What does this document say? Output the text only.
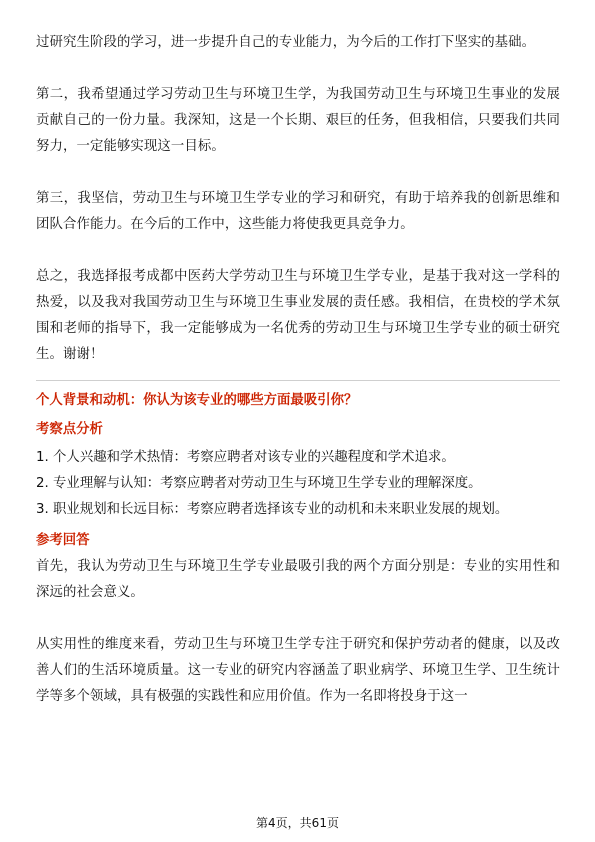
过研究生阶段的学习，进一步提升自己的专业能力，为今后的工作打下坚实的基础。

第二，我希望通过学习劳动卫生与环境卫生学，为我国劳动卫生与环境卫生事业的发展贡献自己的一份力量。我深知，这是一个长期、艰巨的任务，但我相信，只要我们共同努力，一定能够实现这一目标。

第三，我坚信，劳动卫生与环境卫生学专业的学习和研究，有助于培养我的创新思维和团队合作能力。在今后的工作中，这些能力将使我更具竞争力。

总之，我选择报考成都中医药大学劳动卫生与环境卫生学专业，是基于我对这一学科的热爱，以及我对我国劳动卫生与环境卫生事业发展的责任感。我相信，在贵校的学术氛围和老师的指导下，我一定能够成为一名优秀的劳动卫生与环境卫生学专业的硕士研究生。谢谢！

个人背景和动机：你认为该专业的哪些方面最吸引你？

考察点分析

1. 个人兴趣和学术热情：考察应聘者对该专业的兴趣程度和学术追求。
2. 专业理解与认知：考察应聘者对劳动卫生与环境卫生学专业的理解深度。
3. 职业规划和长远目标：考察应聘者选择该专业的动机和未来职业发展的规划。

参考回答

首先，我认为劳动卫生与环境卫生学专业最吸引我的两个方面分别是：专业的实用性和深远的社会意义。

从实用性的维度来看，劳动卫生与环境卫生学专注于研究和保护劳动者的健康，以及改善人们的生活环境质量。这一专业的研究内容涵盖了职业病学、环境卫生学、卫生统计学等多个领域，具有极强的实践性和应用价值。作为一名即将投身于这一

第4页，共61页
